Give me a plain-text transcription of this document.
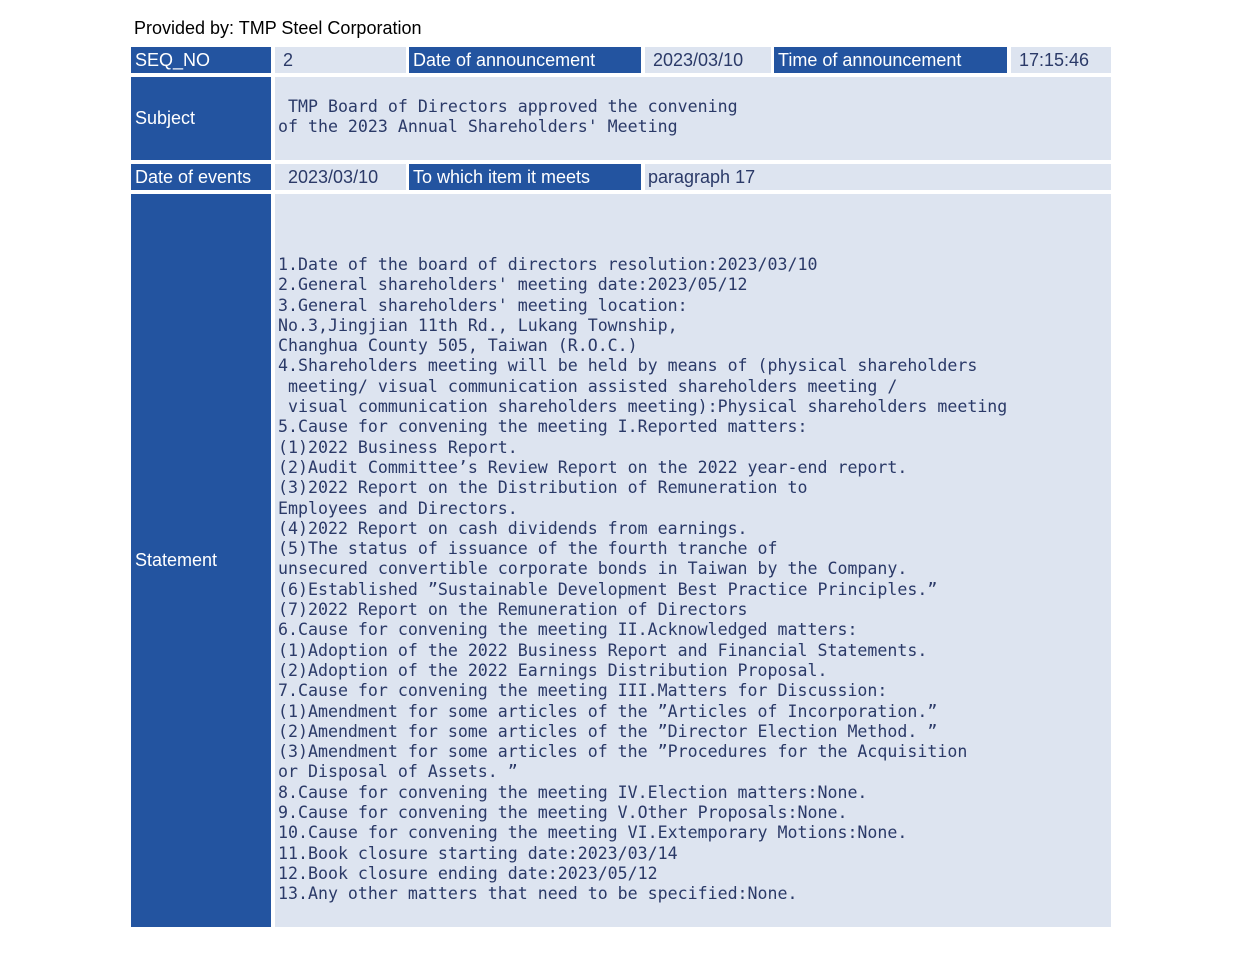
Provided by: TMP Steel Corporation
SEQ_NO	2	Date of announcement	2023/03/10	Time of announcement	17:15:46
Subject
TMP Board of Directors approved the convening
of the 2023 Annual Shareholders' Meeting
Date of events	2023/03/10	To which item it meets	paragraph 17
Statement
1.Date of the board of directors resolution:2023/03/10
2.General shareholders' meeting date:2023/05/12
3.General shareholders' meeting location:
No.3,Jingjian 11th Rd., Lukang Township,
Changhua County 505, Taiwan (R.O.C.)
4.Shareholders meeting will be held by means of (physical shareholders
meeting/ visual communication assisted shareholders meeting /
visual communication shareholders meeting):Physical shareholders meeting
5.Cause for convening the meeting I.Reported matters:
(1)2022 Business Report.
(2)Audit Committee’s Review Report on the 2022 year-end report.
(3)2022 Report on the Distribution of Remuneration to
Employees and Directors.
(4)2022 Report on cash dividends from earnings.
(5)The status of issuance of the fourth tranche of
unsecured convertible corporate bonds in Taiwan by the Company.
(6)Established ”Sustainable Development Best Practice Principles.”
(7)2022 Report on the Remuneration of Directors
6.Cause for convening the meeting II.Acknowledged matters:
(1)Adoption of the 2022 Business Report and Financial Statements.
(2)Adoption of the 2022 Earnings Distribution Proposal.
7.Cause for convening the meeting III.Matters for Discussion:
(1)Amendment for some articles of the ”Articles of Incorporation.”
(2)Amendment for some articles of the ”Director Election Method. ”
(3)Amendment for some articles of the ”Procedures for the Acquisition
or Disposal of Assets. ”
8.Cause for convening the meeting IV.Election matters:None.
9.Cause for convening the meeting V.Other Proposals:None.
10.Cause for convening the meeting VI.Extemporary Motions:None.
11.Book closure starting date:2023/03/14
12.Book closure ending date:2023/05/12
13.Any other matters that need to be specified:None.
